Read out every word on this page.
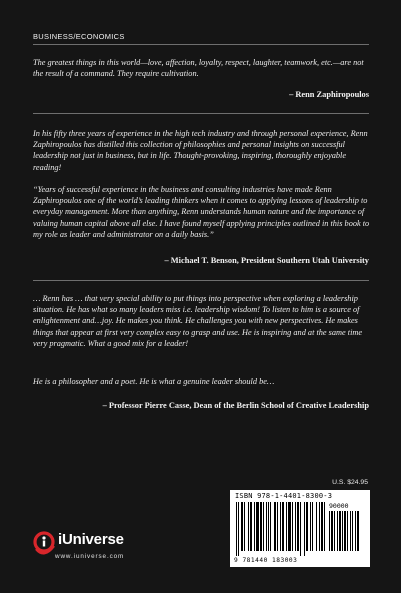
BUSINESS/ECONOMICS

The greatest things in this world—love, affection, loyalty, respect, laughter, teamwork, etc.—are not the result of a command. They require cultivation.

– Renn Zaphiropoulos

In his fifty three years of experience in the high tech industry and through personal experience, Renn Zaphiropoulos has distilled this collection of philosophies and personal insights on successful leadership not just in business, but in life. Thought-provoking, inspiring, thoroughly enjoyable reading!

“Years of successful experience in the business and consulting industries have made Renn Zaphiropoulos one of the world’s leading thinkers when it comes to applying lessons of leadership to everyday management. More than anything, Renn understands human nature and the importance of valuing human capital above all else. I have found myself applying principles outlined in this book to my role as leader and administrator on a daily basis.”

– Michael T. Benson, President Southern Utah University

… Renn has … that very special ability to put things into perspective when exploring a leadership situation. He has what so many leaders miss i.e. leadership wisdom! To listen to him is a source of enlightenment and…joy. He makes you think. He challenges you with new perspectives. He makes things that appear at first very complex easy to grasp and use. He is inspiring and at the same time very pragmatic. What a good mix for a leader!

He is a philosopher and a poet. He is what a genuine leader should be…

– Professor Pierre Casse, Dean of the Berlin School of Creative Leadership
U.S. $24.95
ISBN 978-1-4401-8300-3
90000
9 781440 183003
iUniverse
www.iuniverse.com
